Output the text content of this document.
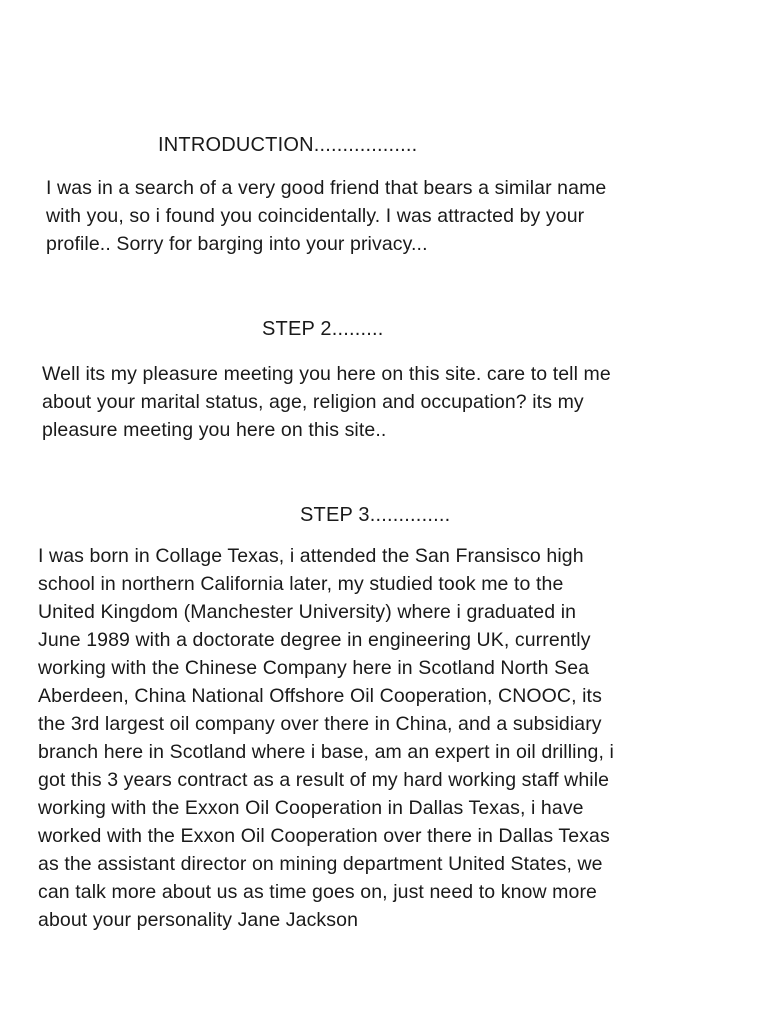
INTRODUCTION..................
I was in a search of a very good friend that bears a similar name
with you, so i found you coincidentally. I was attracted by your
profile.. Sorry for barging into your privacy...
STEP 2.........
Well its my pleasure meeting you here on this site. care to tell me
about your marital status, age, religion and occupation? its my
pleasure meeting you here on this site..
STEP 3..............
I was born in Collage Texas, i attended the San Fransisco high
school in northern California later, my studied took me to the
United Kingdom (Manchester University) where i graduated in
June 1989 with a doctorate degree in engineering UK, currently
working with the Chinese Company here in Scotland North Sea
Aberdeen, China National Offshore Oil Cooperation, CNOOC, its
the 3rd largest oil company over there in China, and a subsidiary
branch here in Scotland where i base, am an expert in oil drilling, i
got this 3 years contract as a result of my hard working staff while
working with the Exxon Oil Cooperation in Dallas Texas, i have
worked with the Exxon Oil Cooperation over there in Dallas Texas
as the assistant director on mining department United States, we
can talk more about us as time goes on, just need to know more
about your personality Jane Jackson
